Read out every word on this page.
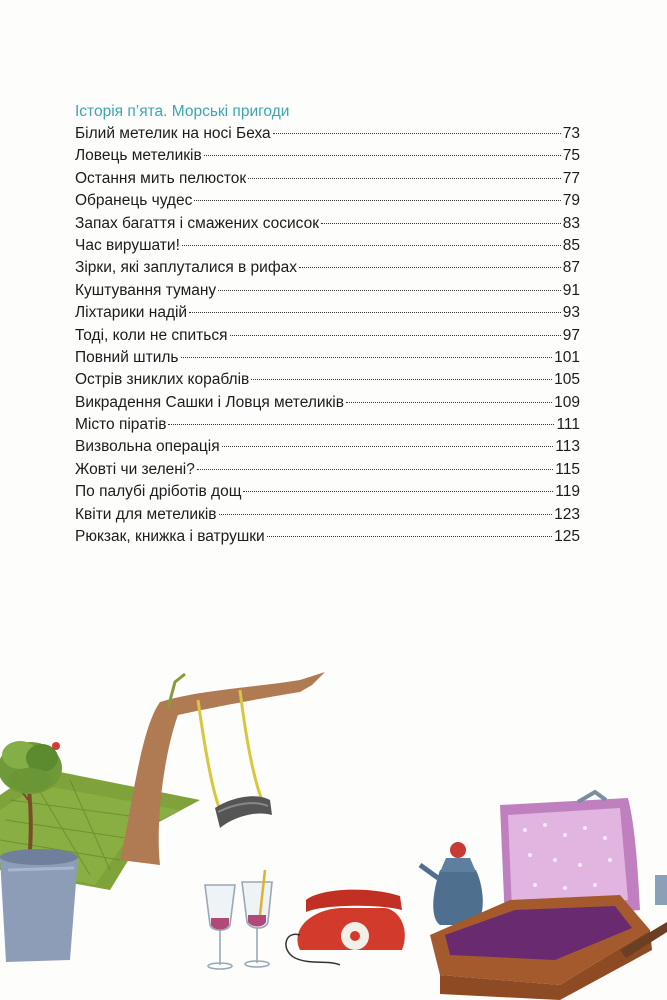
Історія п’ята. Морські пригоди
Білий метелик на носі Беха	73
Ловець метеликів	75
Остання мить пелюсток	77
Обранець чудес	79
Запах багаття і смажених сосисок	83
Час вирушати!	85
Зірки, які заплуталися в рифах	87
Куштування туману	91
Ліхтарики надій	93
Тоді, коли не спиться	97
Повний штиль	101
Острів зниклих кораблів	105
Викрадення Сашки і Ловця метеликів	109
Місто піратів	111
Визвольна операція	113
Жовті чи зелені?	115
По палубі дріботів дощ	119
Квіти для метеликів	123
Рюкзак, книжка і ватрушки	125
